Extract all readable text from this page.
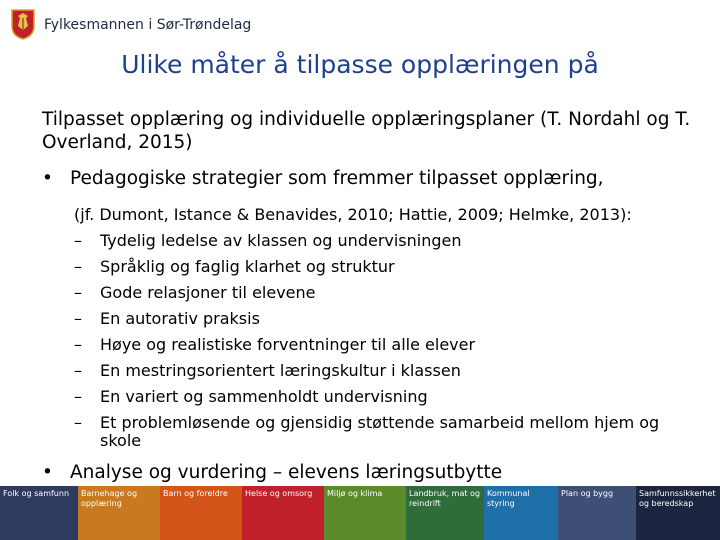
Fylkesmannen i Sør-Trøndelag
Ulike måter å tilpasse opplæringen på

Tilpasset opplæring og individuelle opplæringsplaner (T. Nordahl og T. Overland, 2015)

• Pedagogiske strategier som fremmer tilpasset opplæring,
(jf. Dumont, Istance & Benavides, 2010; Hattie, 2009; Helmke, 2013):
–	Tydelig ledelse av klassen og undervisningen
–	Språklig og faglig klarhet og struktur
–	Gode relasjoner til elevene
–	En autorativ praksis
–	Høye og realistiske forventninger til alle elever
–	En mestringsorientert læringskultur i klassen
–	En variert og sammenholdt undervisning
–	Et problemløsende og gjensidig støttende samarbeid mellom hjem og skole
• Analyse og vurdering – elevens læringsutbytte
Folk og samfunn	Barnehage og opplæring
Barn og foreldre	Helse og omsorg	Miljø og klima	Landbruk, mat og reindrift
Kommunal styring
Plan og bygg	Samfunnssikkerhet og beredskap
